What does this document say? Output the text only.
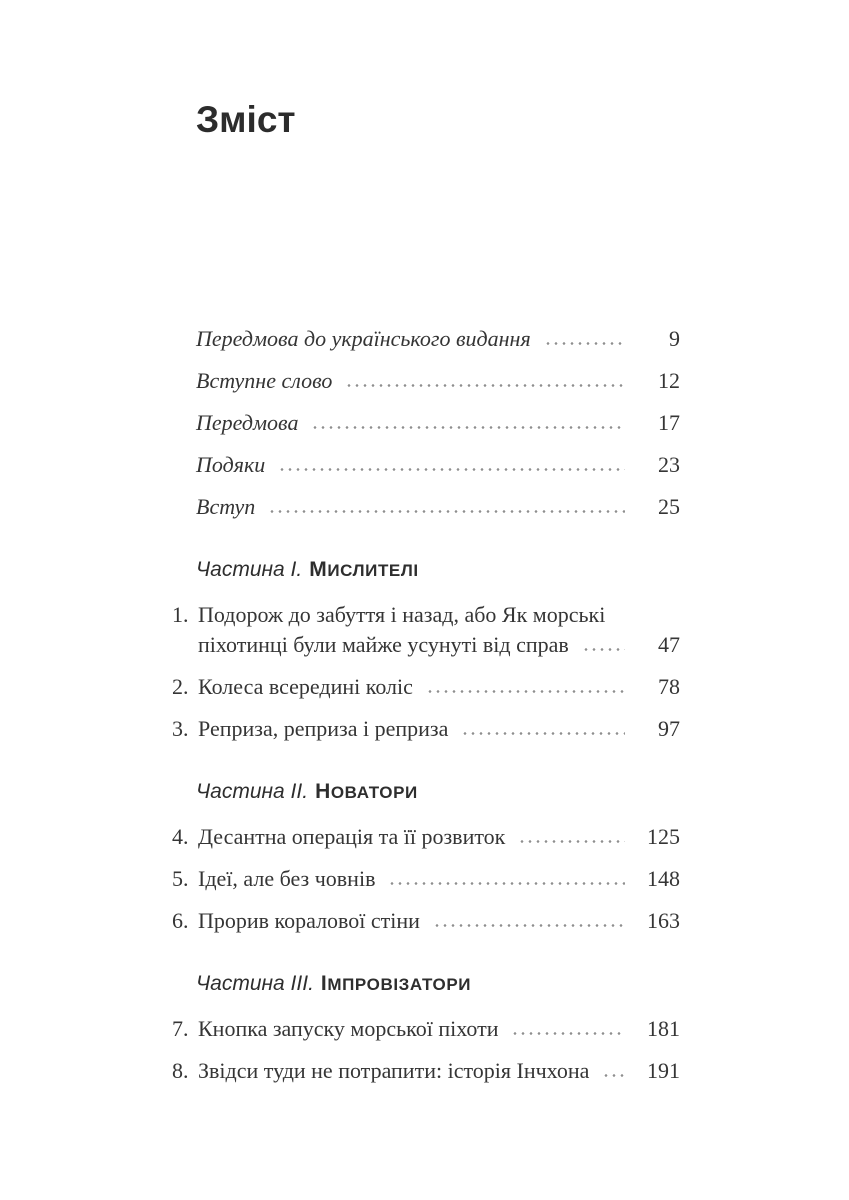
Зміст
Передмова до українського видання	9
Вступне слово	12
Передмова	17
Подяки	23
Вступ	25
Частина I. МИСЛИТЕЛІ
1. Подорож до забуття і назад, або Як морські
піхотинці були майже усунуті від справ	47
2. Колеса всередині коліс	78
3. Реприза, реприза і реприза	97
Частина II. НОВАТОРИ
4. Десантна операція та її розвиток	125
5. Ідеї, але без човнів	148
6. Прорив коралової стіни	163
Частина III. ІМПРОВІЗАТОРИ
7. Кнопка запуску морської піхоти	181
8. Звідси туди не потрапити: історія Інчхона	191
